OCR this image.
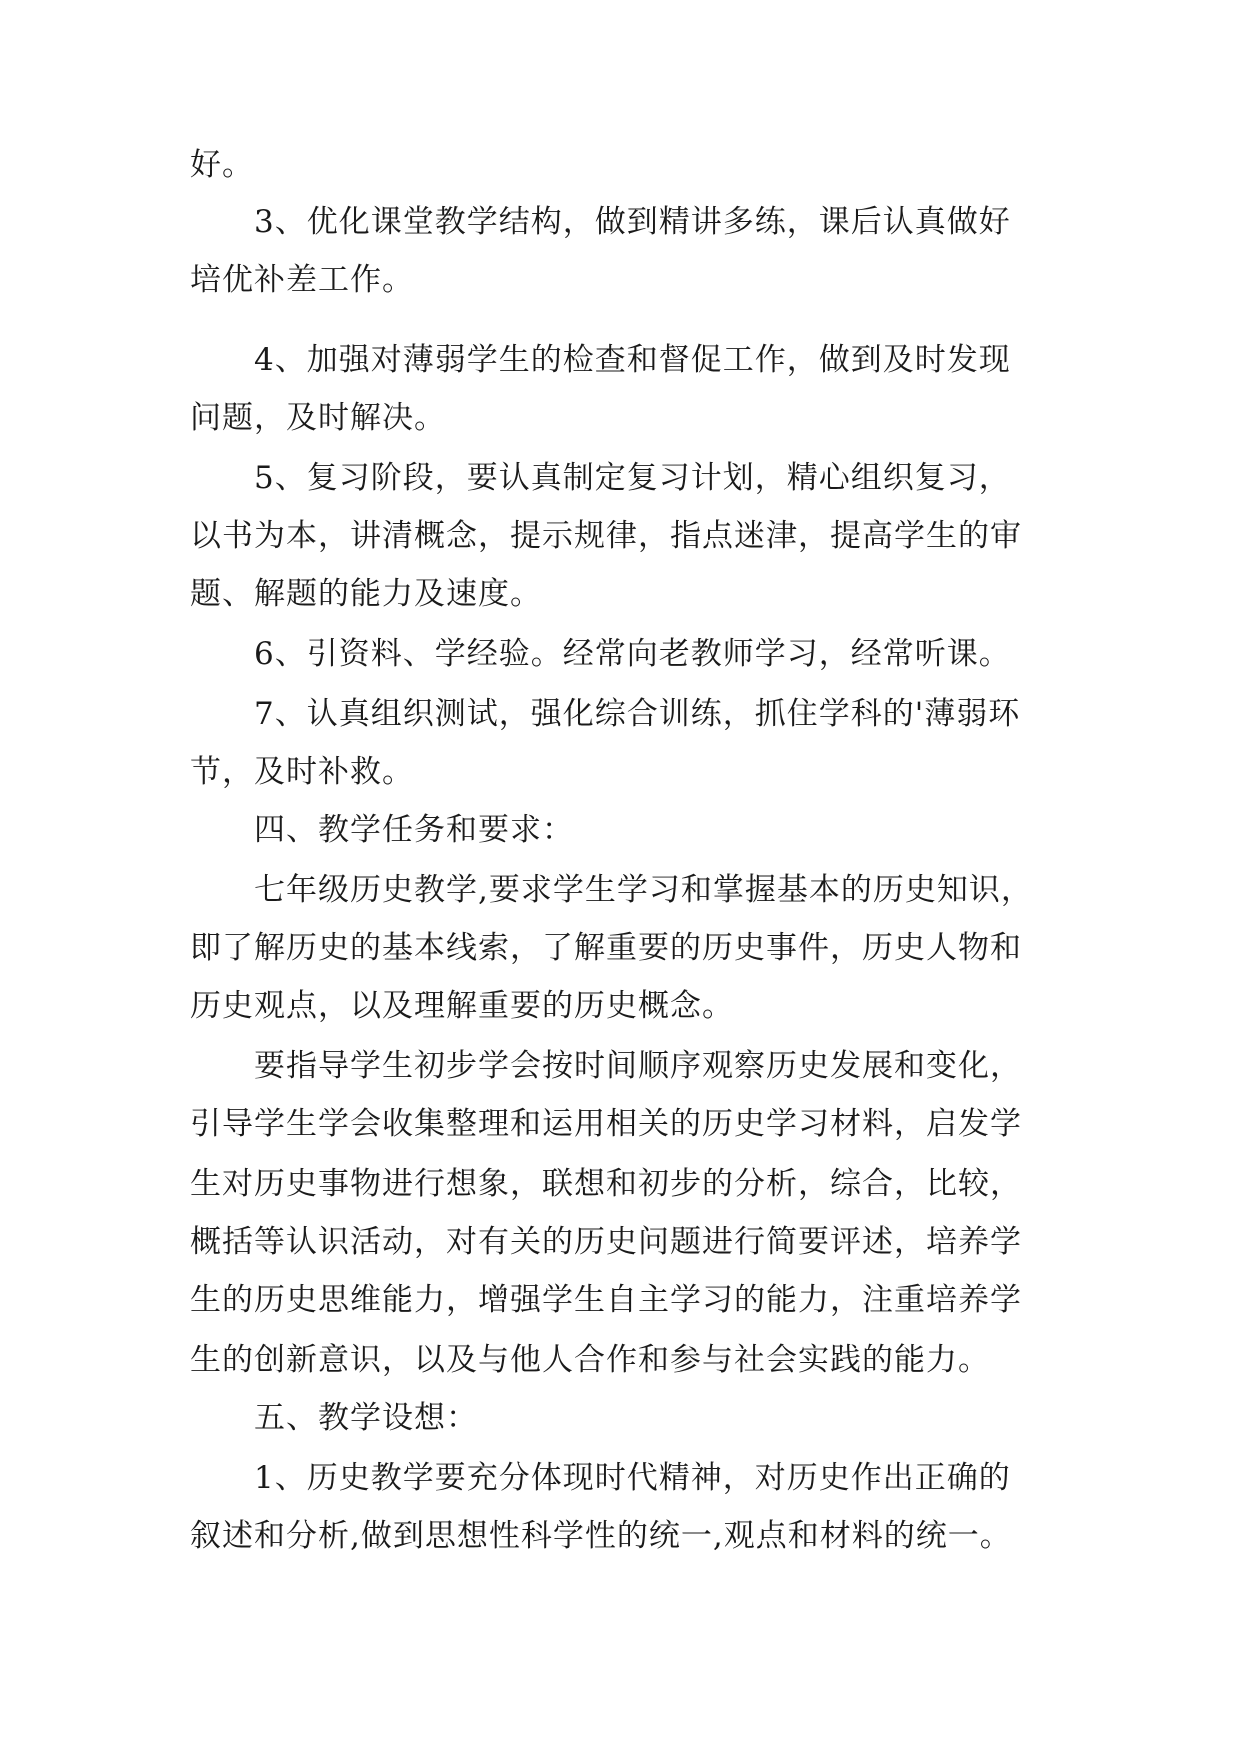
好。
3、优化课堂教学结构，做到精讲多练，课后认真做好
培优补差工作。
4、加强对薄弱学生的检查和督促工作，做到及时发现
问题，及时解决。
5、复习阶段，要认真制定复习计划，精心组织复习，
以书为本，讲清概念，提示规律，指点迷津，提高学生的审
题、解题的能力及速度。
6、引资料、学经验。经常向老教师学习，经常听课。
7、认真组织测试，强化综合训练，抓住学科的'薄弱环
节，及时补救。
四、教学任务和要求：
七年级历史教学,要求学生学习和掌握基本的历史知识，
即了解历史的基本线索，了解重要的历史事件，历史人物和
历史观点，以及理解重要的历史概念。
要指导学生初步学会按时间顺序观察历史发展和变化，
引导学生学会收集整理和运用相关的历史学习材料，启发学
生对历史事物进行想象，联想和初步的分析，综合，比较，
概括等认识活动，对有关的历史问题进行简要评述，培养学
生的历史思维能力，增强学生自主学习的能力，注重培养学
生的创新意识，以及与他人合作和参与社会实践的能力。
五、教学设想：
1、历史教学要充分体现时代精神，对历史作出正确的
叙述和分析,做到思想性科学性的统一,观点和材料的统一。
